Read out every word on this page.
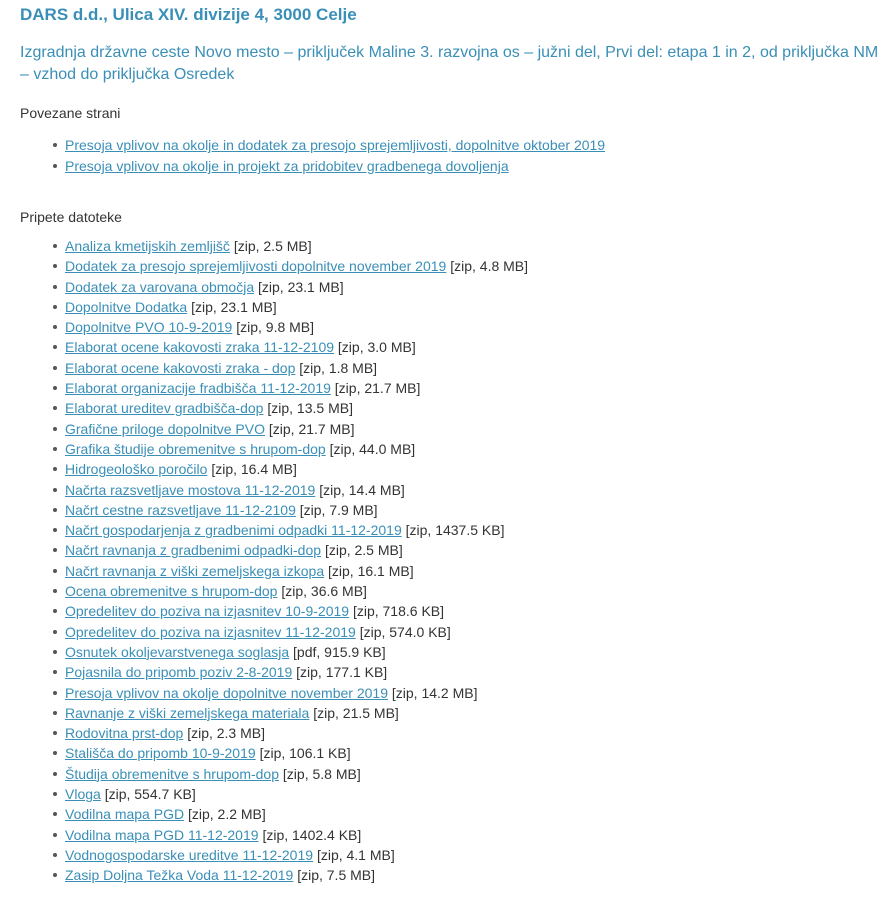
DARS d.d., Ulica XIV. divizije 4, 3000 Celje
Izgradnja državne ceste Novo mesto – priključek Maline 3. razvojna os – južni del, Prvi del: etapa 1 in 2, od priključka NM – vzhod do priključka Osredek
Povezane strani
Presoja vplivov na okolje in dodatek za presojo sprejemljivosti, dopolnitve oktober 2019
Presoja vplivov na okolje in projekt za pridobitev gradbenega dovoljenja
Pripete datoteke
Analiza kmetijskih zemljišč [zip, 2.5 MB]
Dodatek za presojo sprejemljivosti dopolnitve november 2019 [zip, 4.8 MB]
Dodatek za varovana območja [zip, 23.1 MB]
Dopolnitve Dodatka [zip, 23.1 MB]
Dopolnitve PVO 10-9-2019 [zip, 9.8 MB]
Elaborat ocene kakovosti zraka 11-12-2109 [zip, 3.0 MB]
Elaborat ocene kakovosti zraka - dop [zip, 1.8 MB]
Elaborat organizacije fradbišča 11-12-2019 [zip, 21.7 MB]
Elaborat ureditev gradbišča-dop [zip, 13.5 MB]
Grafične priloge dopolnitve PVO [zip, 21.7 MB]
Grafika študije obremenitve s hrupom-dop [zip, 44.0 MB]
Hidrogeološko poročilo [zip, 16.4 MB]
Načrta razsvetljave mostova 11-12-2019 [zip, 14.4 MB]
Načrt cestne razsvetljave 11-12-2109 [zip, 7.9 MB]
Načrt gospodarjenja z gradbenimi odpadki 11-12-2019 [zip, 1437.5 KB]
Načrt ravnanja z gradbenimi odpadki-dop [zip, 2.5 MB]
Načrt ravnanja z viški zemeljskega izkopa [zip, 16.1 MB]
Ocena obremenitve s hrupom-dop [zip, 36.6 MB]
Opredelitev do poziva na izjasnitev 10-9-2019 [zip, 718.6 KB]
Opredelitev do poziva na izjasnitev 11-12-2019 [zip, 574.0 KB]
Osnutek okoljevarstvenega soglasja [pdf, 915.9 KB]
Pojasnila do pripomb poziv 2-8-2019 [zip, 177.1 KB]
Presoja vplivov na okolje dopolnitve november 2019 [zip, 14.2 MB]
Ravnanje z viški zemeljskega materiala [zip, 21.5 MB]
Rodovitna prst-dop [zip, 2.3 MB]
Stališča do pripomb 10-9-2019 [zip, 106.1 KB]
Študija obremenitve s hrupom-dop [zip, 5.8 MB]
Vloga [zip, 554.7 KB]
Vodilna mapa PGD [zip, 2.2 MB]
Vodilna mapa PGD 11-12-2019 [zip, 1402.4 KB]
Vodnogospodarske ureditve 11-12-2019 [zip, 4.1 MB]
Zasip Doljna Težka Voda 11-12-2019 [zip, 7.5 MB]
